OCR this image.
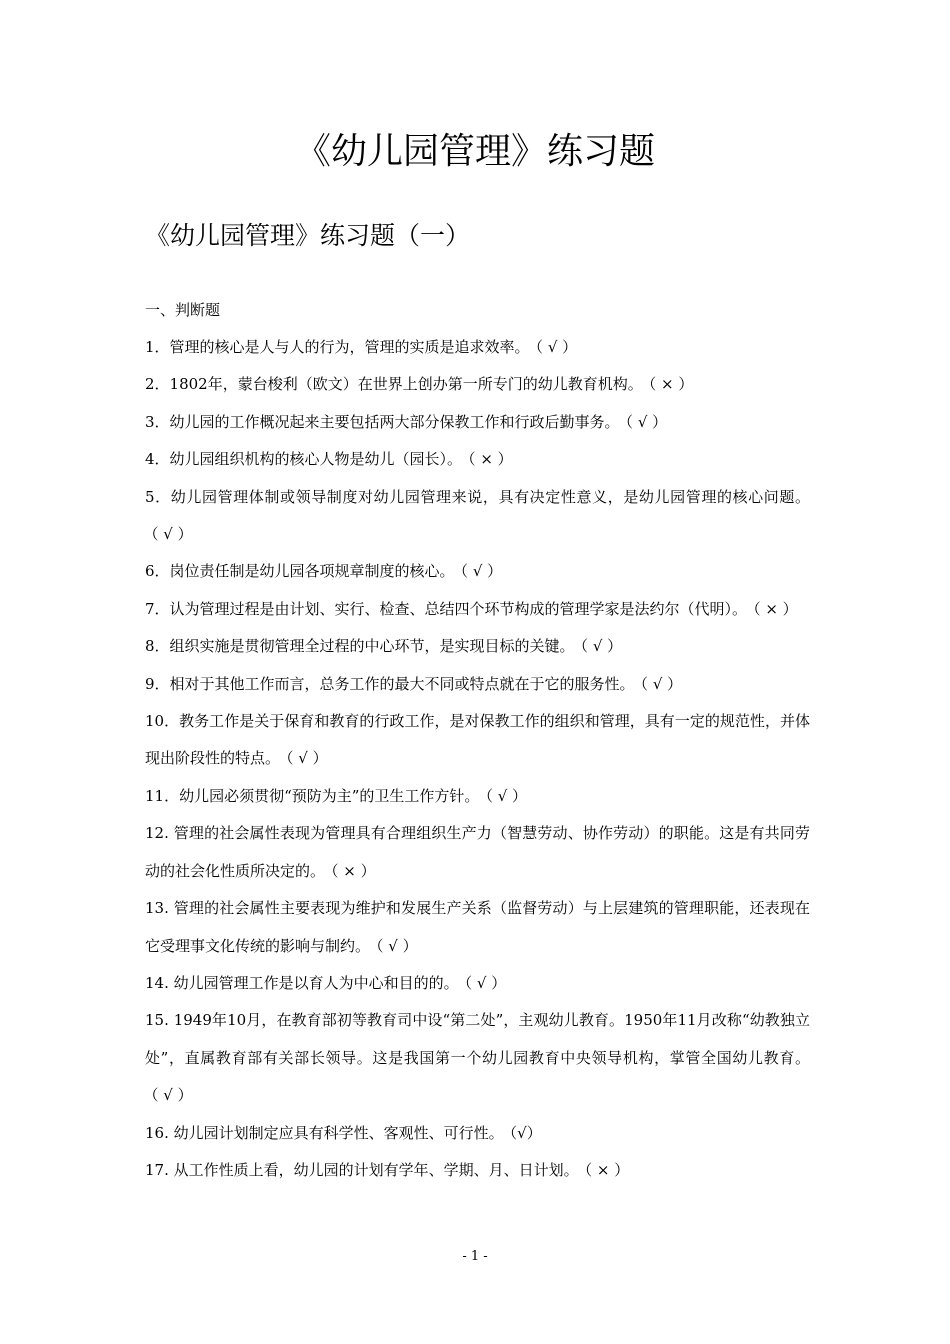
《幼儿园管理》练习题
《幼儿园管理》练习题（一）
一、判断题
1．管理的核心是人与人的行为，管理的实质是追求效率。 （ √ ）
2．1802年，蒙台梭利（欧文）在世界上创办第一所专门的幼儿教育机构。 （ × ）
3．幼儿园的工作概况起来主要包括两大部分保教工作和行政后勤事务。 （ √ ）
4．幼儿园组织机构的核心人物是幼儿（园长）。 （ × ）
5．幼儿园管理体制或领导制度对幼儿园管理来说，具有决定性意义，是幼儿园管理的核心问题。（ √ ）
6．岗位责任制是幼儿园各项规章制度的核心。 （ √ ）
7．认为管理过程是由计划、实行、检查、总结四个环节构成的管理学家是法约尔（代明）。 （ × ）
8．组织实施是贯彻管理全过程的中心环节，是实现目标的关键。 （ √ ）
9．相对于其他工作而言，总务工作的最大不同或特点就在于它的服务性。 （ √ ）
10．教务工作是关于保育和教育的行政工作，是对保教工作的组织和管理，具有一定的规范性，并体现出阶段性的特点。 （ √ ）
11．幼儿园必须贯彻“预防为主”的卫生工作方针。 （ √ ）
12. 管理的社会属性表现为管理具有合理组织生产力（智慧劳动、协作劳动）的职能。这是有共同劳动的社会化性质所决定的。 （ × ）
13. 管理的社会属性主要表现为维护和发展生产关系（监督劳动）与上层建筑的管理职能，还表现在它受理事文化传统的影响与制约。 （ √ ）
14. 幼儿园管理工作是以育人为中心和目的的。 （ √ ）
15. 1949年10月，在教育部初等教育司中设“第二处”，主观幼儿教育。1950年11月改称“幼教独立处”，直属教育部有关部长领导。这是我国第一个幼儿园教育中央领导机构，掌管全国幼儿教育。（ √ ）
16. 幼儿园计划制定应具有科学性、客观性、可行性。 （√）
17. 从工作性质上看，幼儿园的计划有学年、学期、月、日计划。 （ × ）
- 1 -
